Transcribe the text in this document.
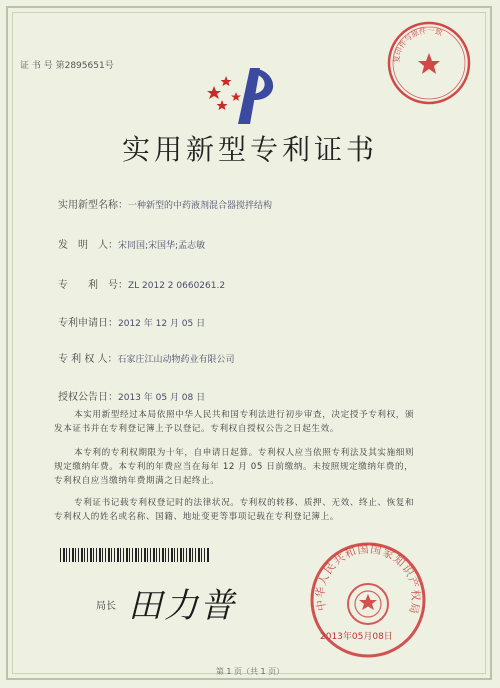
证 书 号 第2895651号
复印件与原件一致
实用新型专利证书
实用新型名称：一种新型的中药液剂混合器搅拌结构
发　明　人：宋同国;宋国华;孟志敏
专　　利　号：ZL 2012 2 0660261.2
专利申请日：2012 年 12 月 05 日
专 利 权 人：石家庄江山动物药业有限公司
授权公告日：2013 年 05 月 08 日
本实用新型经过本局依照中华人民共和国专利法进行初步审查，决定授予专利权，颁
发本证书并在专利登记簿上予以登记。专利权自授权公告之日起生效。
本专利的专利权期限为十年，自申请日起算。专利权人应当依照专利法及其实施细则
规定缴纳年费。本专利的年费应当在每年 12 月 05 日前缴纳。未按照规定缴纳年费的，
专利权自应当缴纳年费期满之日起终止。
专利证书记载专利权登记时的法律状况。专利权的转移、质押、无效、终止、恢复和
专利权人的姓名或名称、国籍、地址变更等事项记载在专利登记簿上。
局长 田力普	中华人民共和国国家知识产权局
2013年05月08日
第 1 页（共 1 页）
